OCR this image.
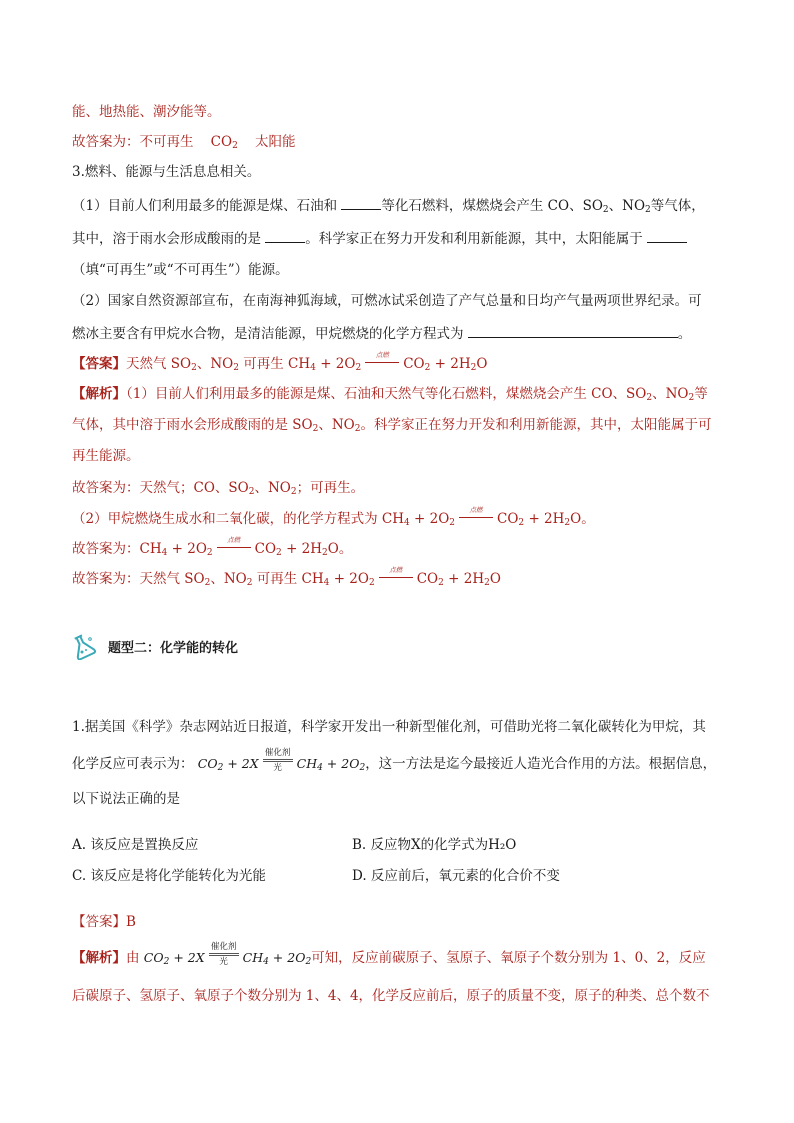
能、地热能、潮汐能等。
故答案为：不可再生 $CO_2$ 太阳能
3.燃料、能源与生活息息相关。
（1）目前人们利用最多的能源是煤、石油和	等化石燃料，煤燃烧会产生 CO、$SO_2$、$NO_2$等气体，
其中，溶于雨水会形成酸雨的是	。科学家正在努力开发和利用新能源，其中，太阳能属于
（填“可再生”或“不可再生”）能源。
（2）国家自然资源部宣布，在南海神狐海域，可燃冰试采创造了产气总量和日均产气量两项世界纪录。可
燃冰主要含有甲烷水合物，是清洁能源，甲烷燃烧的化学方程式为	。
【答案】天然气 $SO_2$、$NO_2$ 可再生 $CH_4 + 2O_2$
点燃
$CO_2 + 2H_2O$
【解析】（1）目前人们利用最多的能源是煤、石油和天然气等化石燃料，煤燃烧会产生 CO、$SO_2$、$NO_2$等
气体，其中溶于雨水会形成酸雨的是 $SO_2$、$NO_2$。科学家正在努力开发和利用新能源，其中，太阳能属于可
再生能源。
故答案为：天然气；CO、$SO_2$、$NO_2$；可再生。
（2）甲烷燃烧生成水和二氧化碳，的化学方程式为 $CH_4 + 2O_2$
点燃
$CO_2 + 2H_2O$。
故答案为：$CH_4 + 2O_2$
点燃
$CO_2 + 2H_2O$。
故答案为：天然气 $SO_2$、$NO_2$ 可再生 $CH_4 + 2O_2$
点燃
$CO_2 + 2H_2O$
题型二：化学能的转化
1.据美国《科学》杂志网站近日报道，科学家开发出一种新型催化剂，可借助光将二氧化碳转化为甲烷，其
化学反应可表示为： $CO_2 + 2X$
催化剂
光	$CH_4 + 2O_2$，这一方法是迄今最接近人造光合作用的方法。根据信息，
以下说法正确的是
A. 该反应是置换反应	B. 反应物X的化学式为H₂O
C. 该反应是将化学能转化为光能	D. 反应前后，氧元素的化合价不变
【答案】B
【解析】由 $CO_2 + 2X$
催化剂
光	$CH_4 + 2O_2$可知，反应前碳原子、氢原子、氧原子个数分别为 1、0、2，反应
后碳原子、氢原子、氧原子个数分别为 1、4、4，化学反应前后，原子的质量不变，原子的种类、总个数不
